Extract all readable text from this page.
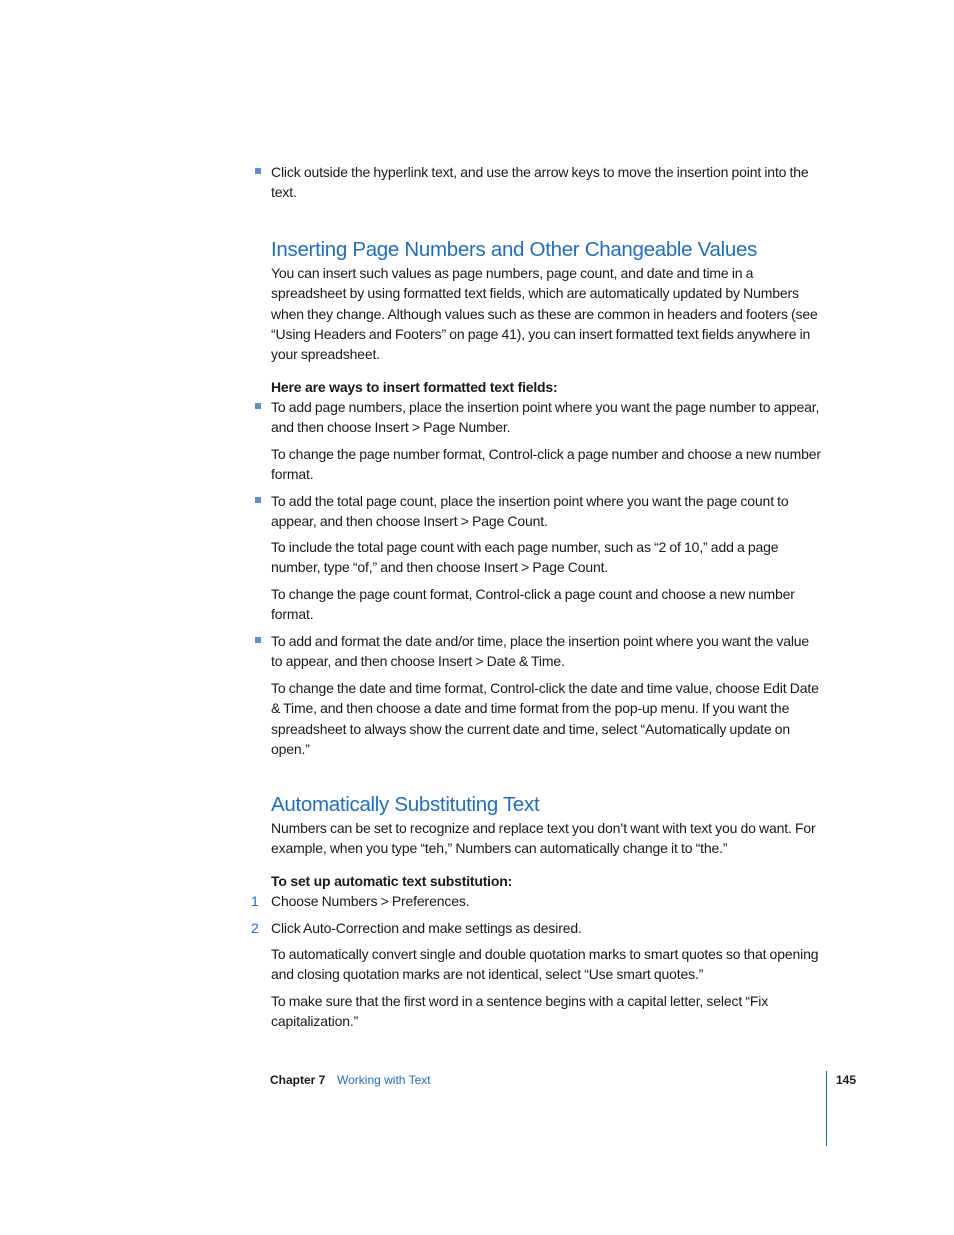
Click outside the hyperlink text, and use the arrow keys to move the insertion point into the text.

Inserting Page Numbers and Other Changeable Values

You can insert such values as page numbers, page count, and date and time in a spreadsheet by using formatted text fields, which are automatically updated by Numbers when they change. Although values such as these are common in headers and footers (see “Using Headers and Footers” on page 41), you can insert formatted text fields anywhere in your spreadsheet.

Here are ways to insert formatted text fields:

To add page numbers, place the insertion point where you want the page number to appear, and then choose Insert > Page Number.

To change the page number format, Control-click a page number and choose a new number format.

To add the total page count, place the insertion point where you want the page count to appear, and then choose Insert > Page Count.

To include the total page count with each page number, such as “2 of 10,” add a page number, type “of,” and then choose Insert > Page Count.

To change the page count format, Control-click a page count and choose a new number format.

To add and format the date and/or time, place the insertion point where you want the value to appear, and then choose Insert > Date & Time.

To change the date and time format, Control-click the date and time value, choose Edit Date & Time, and then choose a date and time format from the pop-up menu. If you want the spreadsheet to always show the current date and time, select “Automatically update on open.”

Automatically Substituting Text

Numbers can be set to recognize and replace text you don’t want with text you do want. For example, when you type “teh,” Numbers can automatically change it to “the.”

To set up automatic text substitution:

1 Choose Numbers > Preferences.

2 Click Auto-Correction and make settings as desired.

To automatically convert single and double quotation marks to smart quotes so that opening and closing quotation marks are not identical, select “Use smart quotes.”

To make sure that the first word in a sentence begins with a capital letter, select “Fix capitalization.”

Chapter 7 Working with Text	145
